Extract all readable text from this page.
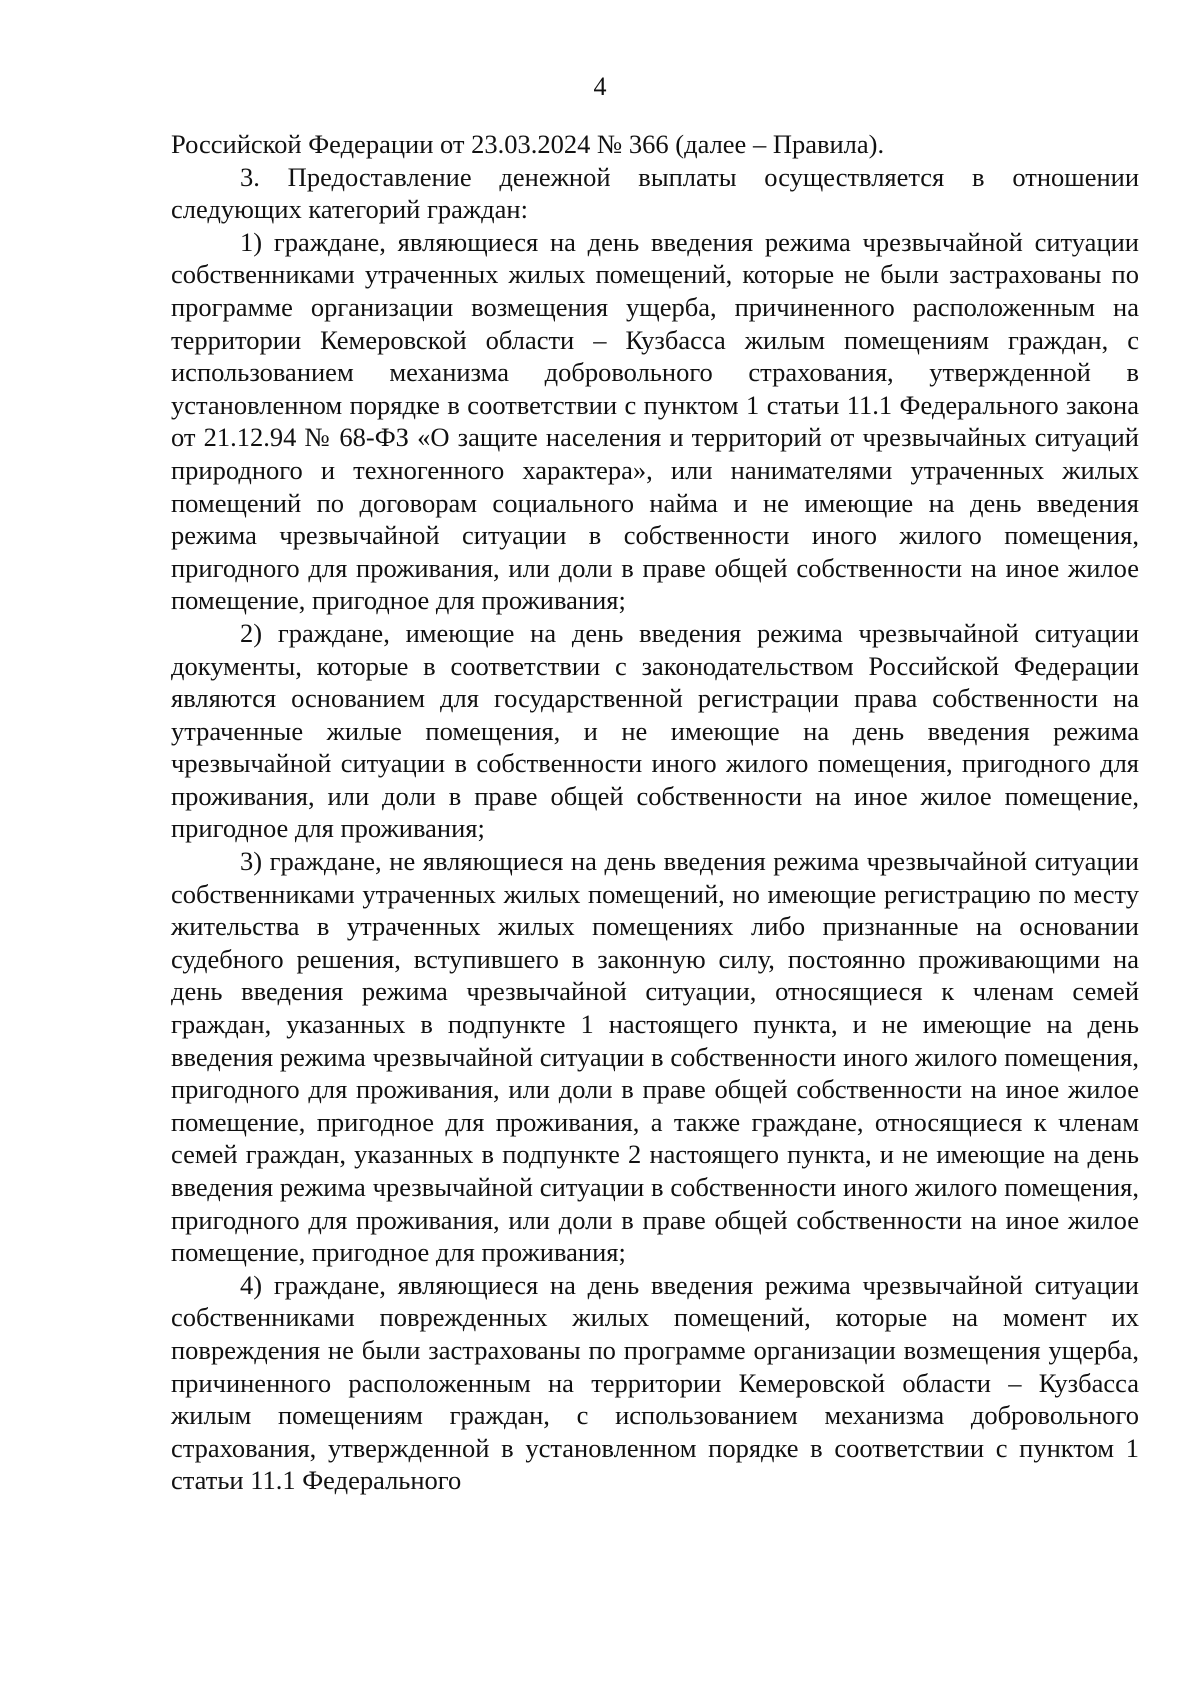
4

Российской Федерации от 23.03.2024 № 366 (далее – Правила).

3. Предоставление денежной выплаты осуществляется в отношении следующих категорий граждан:

1) граждане, являющиеся на день введения режима чрезвычайной ситуации собственниками утраченных жилых помещений, которые не были застрахованы по программе организации возмещения ущерба, причиненного расположенным на территории Кемеровской области – Кузбасса жилым помещениям граждан, с использованием механизма добровольного страхования, утвержденной в установленном порядке в соответствии с пунктом 1 статьи 11.1 Федерального закона от 21.12.94 № 68-ФЗ «О защите населения и территорий от чрезвычайных ситуаций природного и техногенного характера», или нанимателями утраченных жилых помещений по договорам социального найма и не имеющие на день введения режима чрезвычайной ситуации в собственности иного жилого помещения, пригодного для проживания, или доли в праве общей собственности на иное жилое помещение, пригодное для проживания;

2) граждане, имеющие на день введения режима чрезвычайной ситуации документы, которые в соответствии с законодательством Российской Федерации являются основанием для государственной регистрации права собственности на утраченные жилые помещения, и не имеющие на день введения режима чрезвычайной ситуации в собственности иного жилого помещения, пригодного для проживания, или доли в праве общей собственности на иное жилое помещение, пригодное для проживания;

3) граждане, не являющиеся на день введения режима чрезвычайной ситуации собственниками утраченных жилых помещений, но имеющие регистрацию по месту жительства в утраченных жилых помещениях либо признанные на основании судебного решения, вступившего в законную силу, постоянно проживающими на день введения режима чрезвычайной ситуации, относящиеся к членам семей граждан, указанных в подпункте 1 настоящего пункта, и не имеющие на день введения режима чрезвычайной ситуации в собственности иного жилого помещения, пригодного для проживания, или доли в праве общей собственности на иное жилое помещение, пригодное для проживания, а также граждане, относящиеся к членам семей граждан, указанных в подпункте 2 настоящего пункта, и не имеющие на день введения режима чрезвычайной ситуации в собственности иного жилого помещения, пригодного для проживания, или доли в праве общей собственности на иное жилое помещение, пригодное для проживания;

4) граждане, являющиеся на день введения режима чрезвычайной ситуации собственниками поврежденных жилых помещений, которые на момент их повреждения не были застрахованы по программе организации возмещения ущерба, причиненного расположенным на территории Кемеровской области – Кузбасса жилым помещениям граждан, с использованием механизма добровольного страхования, утвержденной в установленном порядке в соответствии с пунктом 1 статьи 11.1 Федерального
